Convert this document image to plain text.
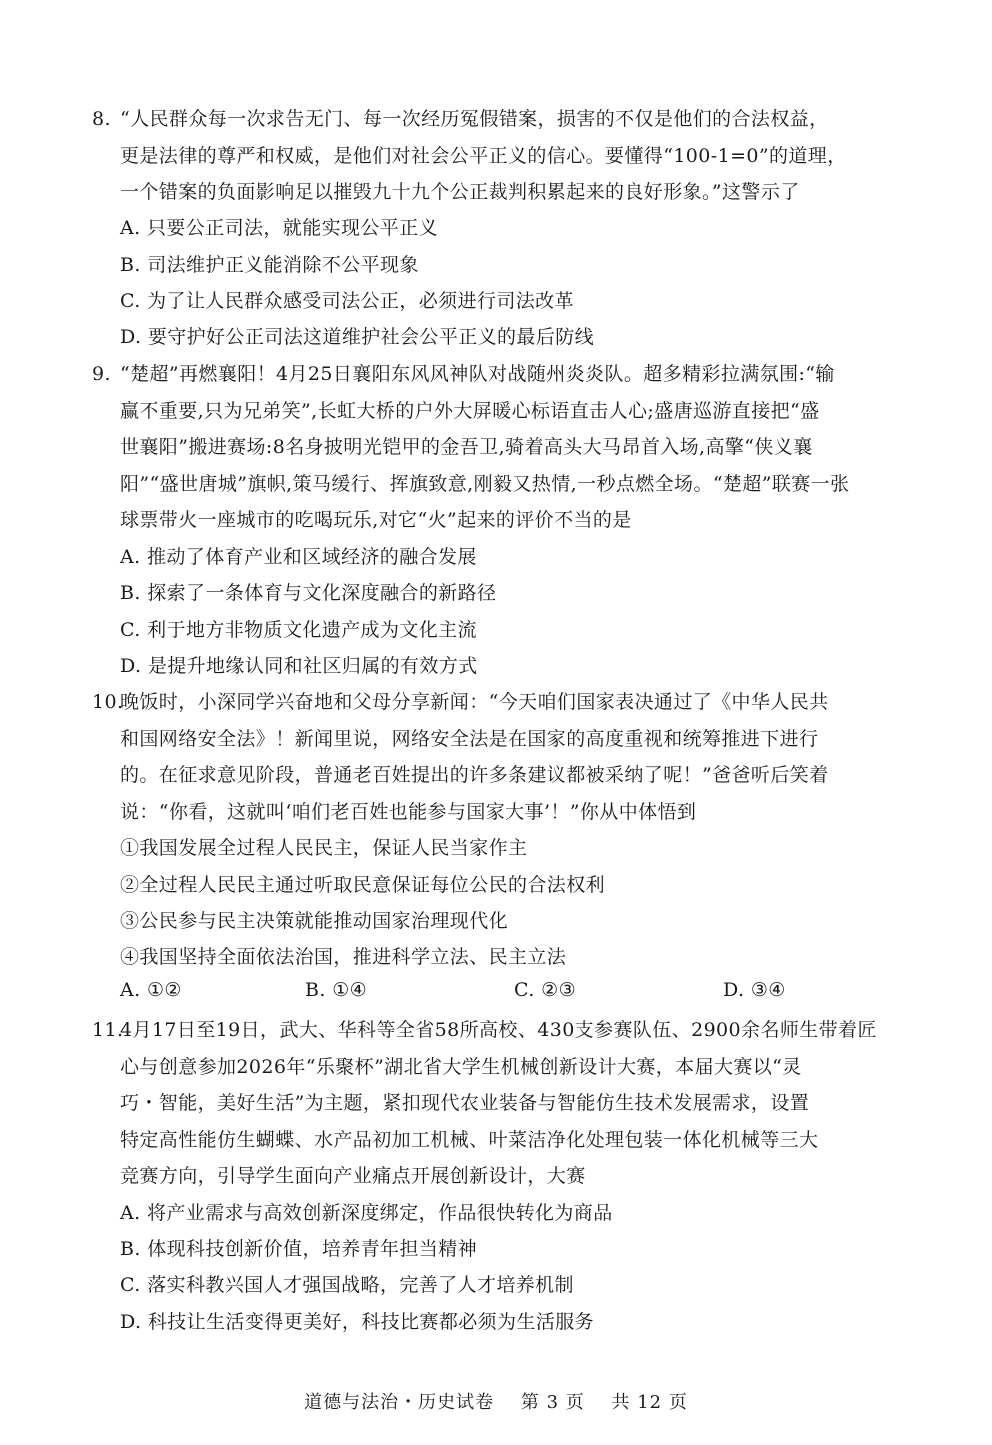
8. “人民群众每一次求告无门、每一次经历冤假错案，损害的不仅是他们的合法权益，
更是法律的尊严和权威，是他们对社会公平正义的信心。要懂得“100-1=0”的道理，
一个错案的负面影响足以摧毁九十九个公正裁判积累起来的良好形象。”这警示了
A. 只要公正司法，就能实现公平正义
B. 司法维护正义能消除不公平现象
C. 为了让人民群众感受司法公正，必须进行司法改革
D. 要守护好公正司法这道维护社会公平正义的最后防线
9. “楚超”再燃襄阳！4月25日襄阳东风风神队对战随州炎炎队。超多精彩拉满氛围:“输
赢不重要,只为兄弟笑”,长虹大桥的户外大屏暖心标语直击人心;盛唐巡游直接把“盛
世襄阳”搬进赛场:8名身披明光铠甲的金吾卫,骑着高头大马昂首入场,高擎“侠义襄
阳”“盛世唐城”旗帜,策马缓行、挥旗致意,刚毅又热情,一秒点燃全场。“楚超”联赛一张
球票带火一座城市的吃喝玩乐,对它“火”起来的评价不当的是
A. 推动了体育产业和区域经济的融合发展
B. 探索了一条体育与文化深度融合的新路径
C. 利于地方非物质文化遗产成为文化主流
D. 是提升地缘认同和社区归属的有效方式
10.晚饭时，小深同学兴奋地和父母分享新闻：“今天咱们国家表决通过了《中华人民共
和国网络安全法》！新闻里说，网络安全法是在国家的高度重视和统筹推进下进行
的。在征求意见阶段，普通老百姓提出的许多条建议都被采纳了呢！”爸爸听后笑着
说：“你看，这就叫‘咱们老百姓也能参与国家大事’！”你从中体悟到
①我国发展全过程人民民主，保证人民当家作主
②全过程人民民主通过听取民意保证每位公民的合法权利
③公民参与民主决策就能推动国家治理现代化
④我国坚持全面依法治国，推进科学立法、民主立法
A. ①②	B. ①④	C. ②③	D. ③④
11.4月17日至19日，武大、华科等全省58所高校、430支参赛队伍、2900余名师生带着匠
心与创意参加2026年“乐聚杯”湖北省大学生机械创新设计大赛，本届大赛以“灵
巧・智能，美好生活”为主题，紧扣现代农业装备与智能仿生技术发展需求，设置
特定高性能仿生蝴蝶、水产品初加工机械、叶菜洁净化处理包装一体化机械等三大
竞赛方向，引导学生面向产业痛点开展创新设计，大赛
A. 将产业需求与高效创新深度绑定，作品很快转化为商品
B. 体现科技创新价值，培养青年担当精神
C. 落实科教兴国人才强国战略，完善了人才培养机制
D. 科技让生活变得更美好，科技比赛都必须为生活服务
道德与法治・历史试卷 第 3 页 共 12 页
